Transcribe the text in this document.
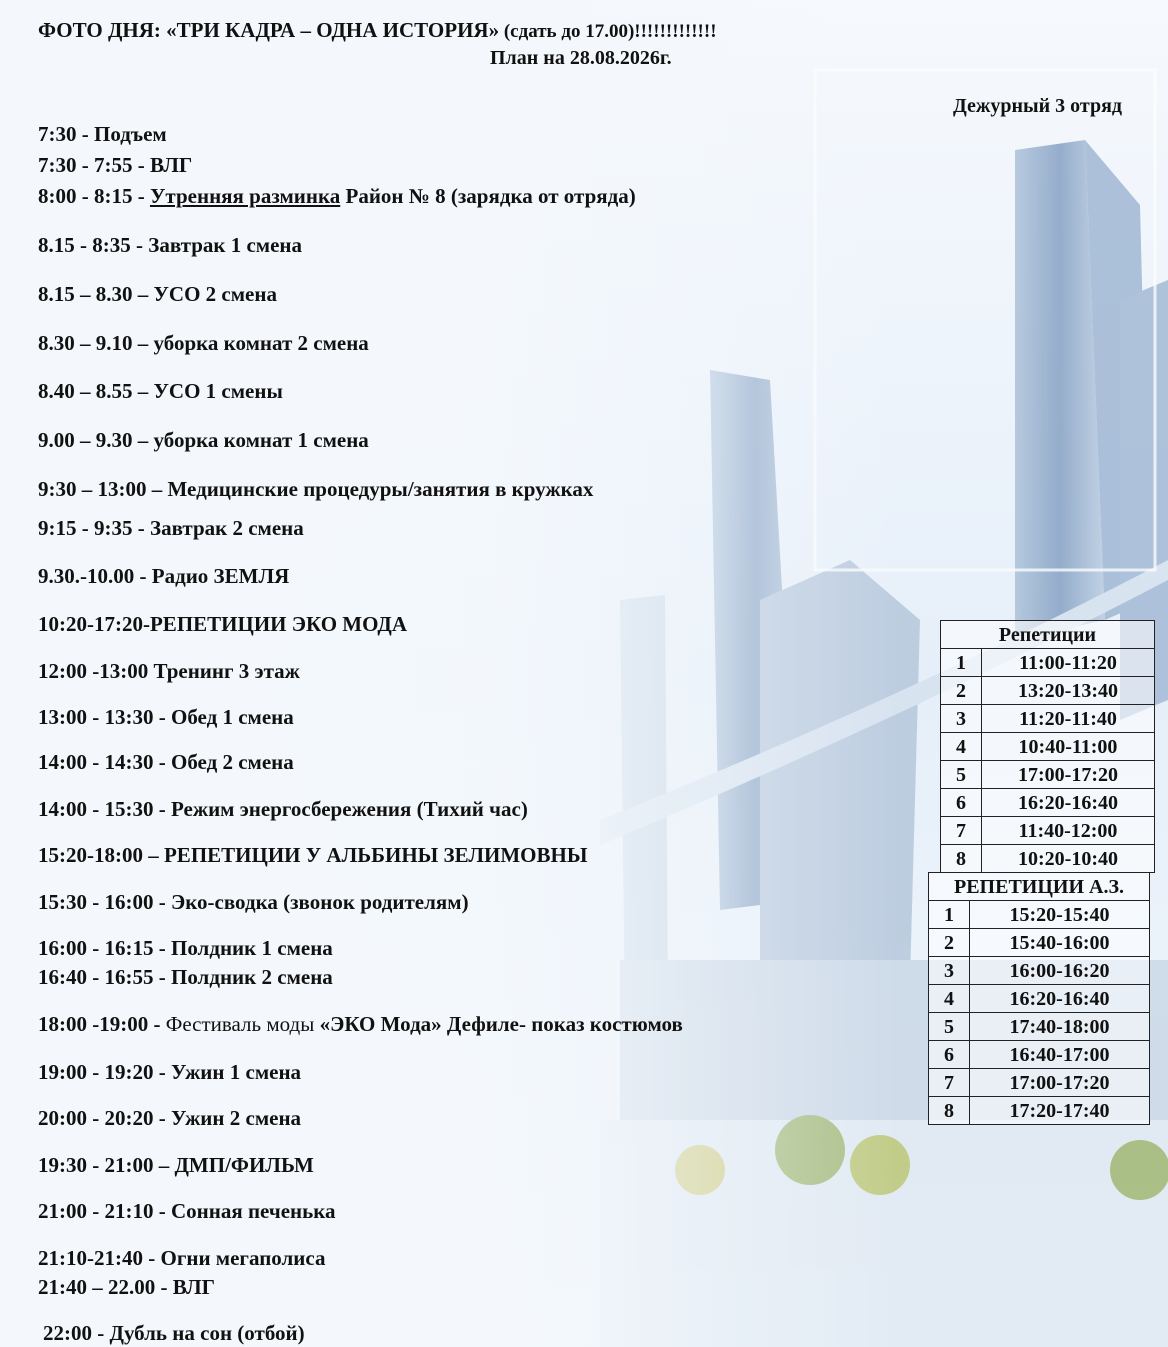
ФОТО ДНЯ: «ТРИ КАДРА – ОДНА ИСТОРИЯ» (сдать до 17.00)!!!!!!!!!!!!!
План на 28.08.2026г.
Дежурный 3 отряд
7:30 - Подъем
7:30 - 7:55 - ВЛГ
8:00 - 8:15 - Утренняя разминка Район № 8 (зарядка от отряда)
8.15 - 8:35 - Завтрак 1 смена
8.15 – 8.30 – УСО 2 смена
8.30 – 9.10 – уборка комнат 2 смена
8.40 – 8.55 – УСО 1 смены
9.00 – 9.30 – уборка комнат 1 смена
9:30 – 13:00 – Медицинские процедуры/занятия в кружках
9:15 - 9:35 - Завтрак 2 смена
9.30.-10.00 - Радио ЗЕМЛЯ
10:20-17:20-РЕПЕТИЦИИ ЭКО МОДА
12:00 -13:00 Тренинг 3 этаж
13:00 - 13:30 - Обед 1 смена
14:00 - 14:30 - Обед 2 смена
14:00 - 15:30 - Режим энергосбережения (Тихий час)
15:20-18:00 – РЕПЕТИЦИИ У АЛЬБИНЫ ЗЕЛИМОВНЫ
15:30 - 16:00 - Эко-сводка (звонок родителям)
16:00 - 16:15 - Полдник 1 смена
16:40 - 16:55 - Полдник 2 смена
18:00 -19:00 - Фестиваль моды «ЭКО Мода» Дефиле- показ костюмов
19:00 - 19:20 - Ужин 1 смена
20:00 - 20:20 - Ужин 2 смена
19:30 - 21:00 – ДМП/ФИЛЬМ
21:00 - 21:10 - Сонная печенька
21:10-21:40 - Огни мегаполиса
21:40 – 22.00 - ВЛГ
22:00 - Дубль на сон (отбой)
Репетиции	
1	11:00-11:20
2	13:20-13:40
3	11:20-11:40
4	10:40-11:00
5	17:00-17:20
6	16:20-16:40
7	11:40-12:00
8	10:20-10:40
РЕПЕТИЦИИ А.З.	
1	15:20-15:40
2	15:40-16:00
3	16:00-16:20
4	16:20-16:40
5	17:40-18:00
6	16:40-17:00
7	17:00-17:20
8	17:20-17:40
